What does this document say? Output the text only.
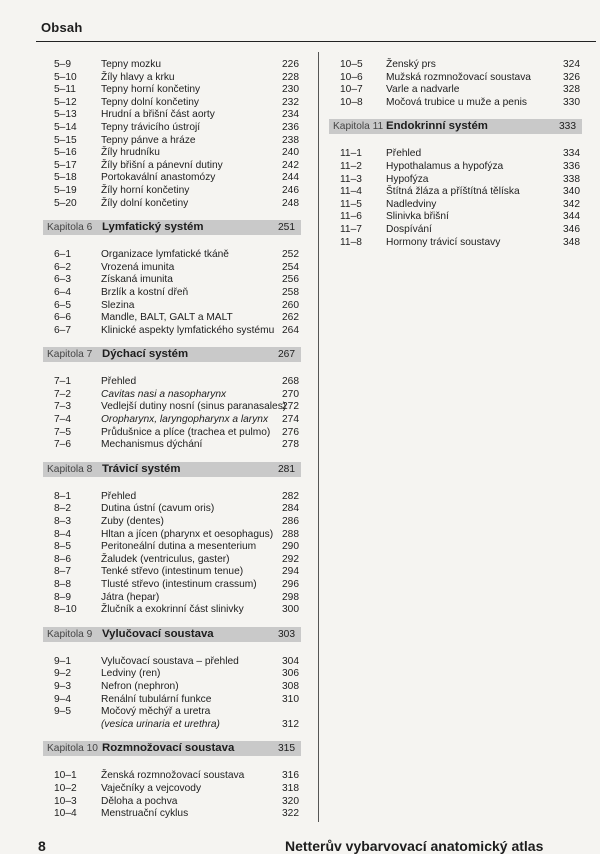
Obsah
5–9	Tepny mozku	226
5–10 Žíly hlavy a krku	228
5–11 Tepny horní končetiny	230
5–12 Tepny dolní končetiny	232
5–13 Hrudní a břišní část aorty	234
5–14 Tepny trávicího ústrojí	236
5–15 Tepny pánve a hráze	238
5–16 Žíly hrudníku	240
5–17 Žíly břišní a pánevní dutiny	242
5–18 Portokavální anastomózy	244
5–19 Žíly horní končetiny	246
5–20 Žíly dolní končetiny	248
Kapitola 6 Lymfatický systém	251
6–1	Organizace lymfatické tkáně	252
6–2	Vrozená imunita	254
6–3	Získaná imunita	256
6–4	Brzlík a kostní dřeň	258
6–5	Slezina	260
6–6	Mandle, BALT, GALT a MALT	262
6–7	Klinické aspekty lymfatického systému 264
Kapitola 7 Dýchací systém	267
7–1	Přehled	268
7–2	Cavitas nasi a nasopharynx	270
7–3	Vedlejší dutiny nosní (sinus paranasales)
272
7–4	Oropharynx, laryngopharynx a larynx 274
7–5	Průdušnice a plíce (trachea et pulmo) 276
7–6	Mechanismus dýchání	278
Kapitola 8 Trávicí systém	281
8–1	Přehled	282
8–2	Dutina ústní (cavum oris)	284
8–3	Zuby (dentes)	286
8–4	Hltan a jícen (pharynx et oesophagus) 288
8–5	Peritoneální dutina a mesenterium	290
8–6	Žaludek (ventriculus, gaster)	292
8–7	Tenké střevo (intestinum tenue)	294
8–8	Tlusté střevo (intestinum crassum) 296
8–9	Játra (hepar)	298
8–10 Žlučník a exokrinní část slinivky	300
Kapitola 9 Vylučovací soustava	303
9–1	Vylučovací soustava – přehled	304
9–2	Ledviny (ren)	306
9–3	Nefron (nephron)	308
9–4	Renální tubulární funkce	310
9–5	Močový měchýř a uretra
(vesica urinaria et urethra)	312
Kapitola 10 Rozmnožovací soustava	315
10–1 Ženská rozmnožovací soustava	316
10–2 Vaječníky a vejcovody	318
10–3 Děloha a pochva	320
10–4 Menstruační cyklus	322
10–5 Ženský prs	324
10–6 Mužská rozmnožovací soustava	326
10–7 Varle a nadvarle	328
10–8 Močová trubice u muže a penis	330
Kapitola 11 Endokrinní systém	333
11–1 Přehled	334
11–2 Hypothalamus a hypofýza	336
11–3 Hypofýza	338
11–4 Štítná žláza a příštítná tělíska	340
11–5 Nadledviny	342
11–6 Slinivka břišní	344
11–7 Dospívání	346
11–8 Hormony trávicí soustavy	348
8	Netterův vybarvovací anatomický atlas
